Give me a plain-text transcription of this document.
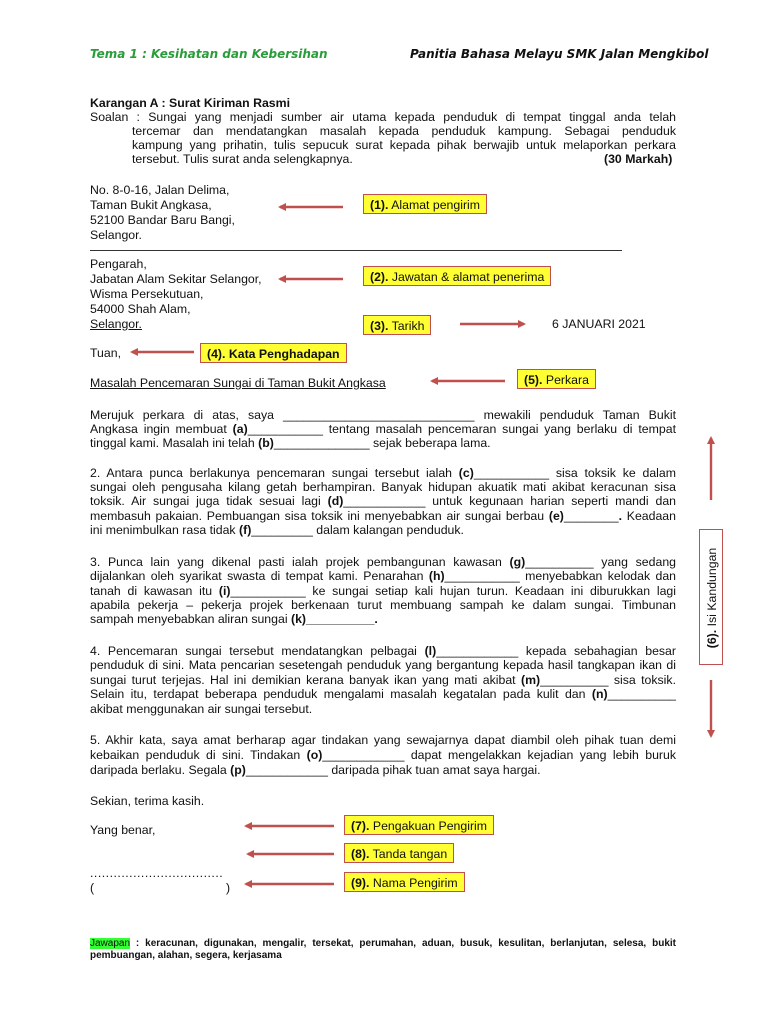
Tema 1 : Kesihatan dan Kebersihan	Panitia Bahasa Melayu SMK Jalan Mengkibol
Karangan A : Surat Kiriman Rasmi
Soalan : Sungai yang menjadi sumber air utama kepada penduduk di tempat tinggal anda telah
tercemar dan mendatangkan masalah kepada penduduk kampung. Sebagai penduduk
kampung yang prihatin, tulis sepucuk surat kepada pihak berwajib untuk melaporkan perkara
tersebut. Tulis surat anda selengkapnya.	(30 Markah)
No. 8-0-16, Jalan Delima,
Taman Bukit Angkasa,
52100 Bandar Baru Bangi,
Selangor.
Pengarah,
Jabatan Alam Sekitar Selangor,
Wisma Persekutuan,
54000 Shah Alam,
Selangor.	6 JANUARI 2021
Tuan,
Masalah Pencemaran Sungai di Taman Bukit Angkasa
(1). Alamat pengirim
(2). Jawatan & alamat penerima
(3). Tarikh
(4). Kata Penghadapan
(5). Perkara
(7). Pengakuan Pengirim
(8). Tanda tangan
(9). Nama Pengirim
(6). Isi Kandungan
Merujuk perkara di atas, saya ____________________________ mewakili penduduk Taman Bukit
Angkasa ingin membuat (a)___________ tentang masalah pencemaran sungai yang berlaku di tempat
tinggal kami. Masalah ini telah (b)______________ sejak beberapa lama.
2. Antara punca berlakunya pencemaran sungai tersebut ialah (c)___________ sisa toksik ke dalam
sungai oleh pengusaha kilang getah berhampiran. Banyak hidupan akuatik mati akibat keracunan sisa
toksik. Air sungai juga tidak sesuai lagi (d)____________ untuk kegunaan harian seperti mandi dan
membasuh pakaian. Pembuangan sisa toksik ini menyebabkan air sungai berbau (e)________. Keadaan
ini menimbulkan rasa tidak (f)_________ dalam kalangan penduduk.
3. Punca lain yang dikenal pasti ialah projek pembangunan kawasan (g)__________ yang sedang
dijalankan oleh syarikat swasta di tempat kami. Penarahan (h)___________ menyebabkan kelodak dan
tanah di kawasan itu (i)___________ ke sungai setiap kali hujan turun. Keadaan ini diburukkan lagi
apabila pekerja – pekerja projek berkenaan turut membuang sampah ke dalam sungai. Timbunan
sampah menyebabkan aliran sungai (k)__________.
4. Pencemaran sungai tersebut mendatangkan pelbagai (l)____________ kepada sebahagian besar
penduduk di sini. Mata pencarian sesetengah penduduk yang bergantung kepada hasil tangkapan ikan di
sungai turut terjejas. Hal ini demikian kerana banyak ikan yang mati akibat (m)__________ sisa toksik.
Selain itu, terdapat beberapa penduduk mengalami masalah kegatalan pada kulit dan (n)__________
akibat menggunakan air sungai tersebut.
5. Akhir kata, saya amat berharap agar tindakan yang sewajarnya dapat diambil oleh pihak tuan demi
kebaikan penduduk di sini. Tindakan (o)____________ dapat mengelakkan kejadian yang lebih buruk
daripada berlaku. Segala (p)____________ daripada pihak tuan amat saya hargai.
Sekian, terima kasih.
Yang benar,
..................................
(	)
Jawapan : keracunan, digunakan, mengalir, tersekat, perumahan, aduan, busuk, kesulitan, berlanjutan, selesa, bukit
pembuangan, alahan, segera, kerjasama
